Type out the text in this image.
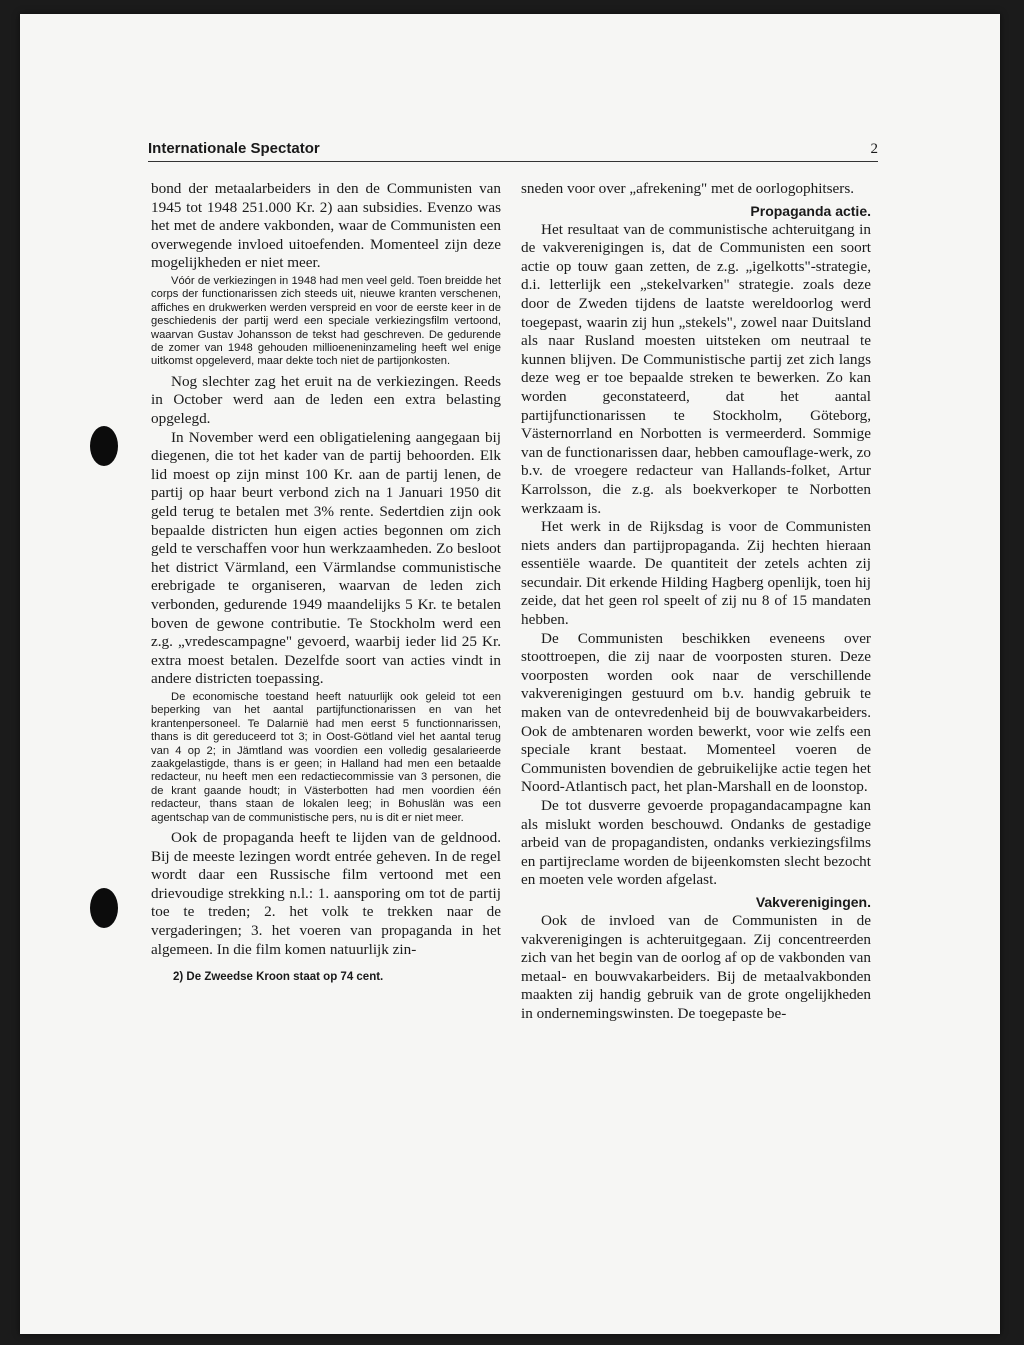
Internationale Spectator	2

bond der metaalarbeiders in den de Communisten van 1945 tot 1948 251.000 Kr. 2) aan subsidies. Evenzo was het met de andere vakbonden, waar de Communisten een overwegende invloed uitoefenden. Momenteel zijn deze mogelijkheden er niet meer.

Vóór de verkiezingen in 1948 had men veel geld. Toen breidde het corps der functionarissen zich steeds uit, nieuwe kranten verschenen, affiches en drukwerken werden verspreid en voor de eerste keer in de geschiedenis der partij werd een speciale verkiezingsfilm vertoond, waarvan Gustav Johansson de tekst had geschreven. De gedurende de zomer van 1948 gehouden millioeneninzameling heeft wel enige uitkomst opgeleverd, maar dekte toch niet de partijonkosten.

Nog slechter zag het eruit na de verkiezingen. Reeds in October werd aan de leden een extra belasting opgelegd.

In November werd een obligatielening aangegaan bij diegenen, die tot het kader van de partij behoorden. Elk lid moest op zijn minst 100 Kr. aan de partij lenen, de partij op haar beurt verbond zich na 1 Januari 1950 dit geld terug te betalen met 3% rente. Sedertdien zijn ook bepaalde districten hun eigen acties begonnen om zich geld te verschaffen voor hun werkzaamheden. Zo besloot het district Värmland, een Värmlandse communistische erebrigade te organiseren, waarvan de leden zich verbonden, gedurende 1949 maandelijks 5 Kr. te betalen boven de gewone contributie. Te Stockholm werd een z.g. „vredescampagne" gevoerd, waarbij ieder lid 25 Kr. extra moest betalen. Dezelfde soort van acties vindt in andere districten toepassing.

De economische toestand heeft natuurlijk ook geleid tot een beperking van het aantal partijfunctionarissen en van het krantenpersoneel. Te Dalarnië had men eerst 5 functionnarissen, thans is dit gereduceerd tot 3; in Oost-Götland viel het aantal terug van 4 op 2; in Jämtland was voordien een volledig gesalarieerde zaakgelastigde, thans is er geen; in Halland had men een betaalde redacteur, nu heeft men een redactiecommissie van 3 personen, die de krant gaande houdt; in Västerbotten had men voordien één redacteur, thans staan de lokalen leeg; in Bohuslän was een agentschap van de communistische pers, nu is dit er niet meer.

Ook de propaganda heeft te lijden van de geldnood. Bij de meeste lezingen wordt entrée geheven. In de regel wordt daar een Russische film vertoond met een drievoudige strekking n.l.: 1. aansporing om tot de partij toe te treden; 2. het volk te trekken naar de vergaderingen; 3. het voeren van propaganda in het algemeen. In die film komen natuurlijk zin-

2) De Zweedse Kroon staat op 74 cent.

sneden voor over „afrekening" met de oorlogophitsers.

Propaganda actie.

Het resultaat van de communistische achteruitgang in de vakverenigingen is, dat de Communisten een soort actie op touw gaan zetten, de z.g. „igelkotts"-strategie, d.i. letterlijk een „stekelvarken" strategie. zoals deze door de Zweden tijdens de laatste wereldoorlog werd toegepast, waarin zij hun „stekels", zowel naar Duitsland als naar Rusland moesten uitsteken om neutraal te kunnen blijven. De Communistische partij zet zich langs deze weg er toe bepaalde streken te bewerken. Zo kan worden geconstateerd, dat het aantal partijfunctionarissen te Stockholm, Göteborg, Västernorrland en Norbotten is vermeerderd. Sommige van de functionarissen daar, hebben camouflage-werk, zo b.v. de vroegere redacteur van Hallands-folket, Artur Karrolsson, die z.g. als boekverkoper te Norbotten werkzaam is.

Het werk in de Rijksdag is voor de Communisten niets anders dan partijpropaganda. Zij hechten hieraan essentiële waarde. De quantiteit der zetels achten zij secundair. Dit erkende Hilding Hagberg openlijk, toen hij zeide, dat het geen rol speelt of zij nu 8 of 15 mandaten hebben.

De Communisten beschikken eveneens over stoottroepen, die zij naar de voorposten sturen. Deze voorposten worden ook naar de verschillende vakverenigingen gestuurd om b.v. handig gebruik te maken van de ontevredenheid bij de bouwvakarbeiders. Ook de ambtenaren worden bewerkt, voor wie zelfs een speciale krant bestaat. Momenteel voeren de Communisten bovendien de gebruikelijke actie tegen het Noord-Atlantisch pact, het plan-Marshall en de loonstop.

De tot dusverre gevoerde propagandacampagne kan als mislukt worden beschouwd. Ondanks de gestadige arbeid van de propagandisten, ondanks verkiezingsfilms en partijreclame worden de bijeenkomsten slecht bezocht en moeten vele worden afgelast.

Vakverenigingen.

Ook de invloed van de Communisten in de vakverenigingen is achteruitgegaan. Zij concentreerden zich van het begin van de oorlog af op de vakbonden van metaal- en bouwvakarbeiders. Bij de metaalvakbonden maakten zij handig gebruik van de grote ongelijkheden in ondernemingswinsten. De toegepaste be-
